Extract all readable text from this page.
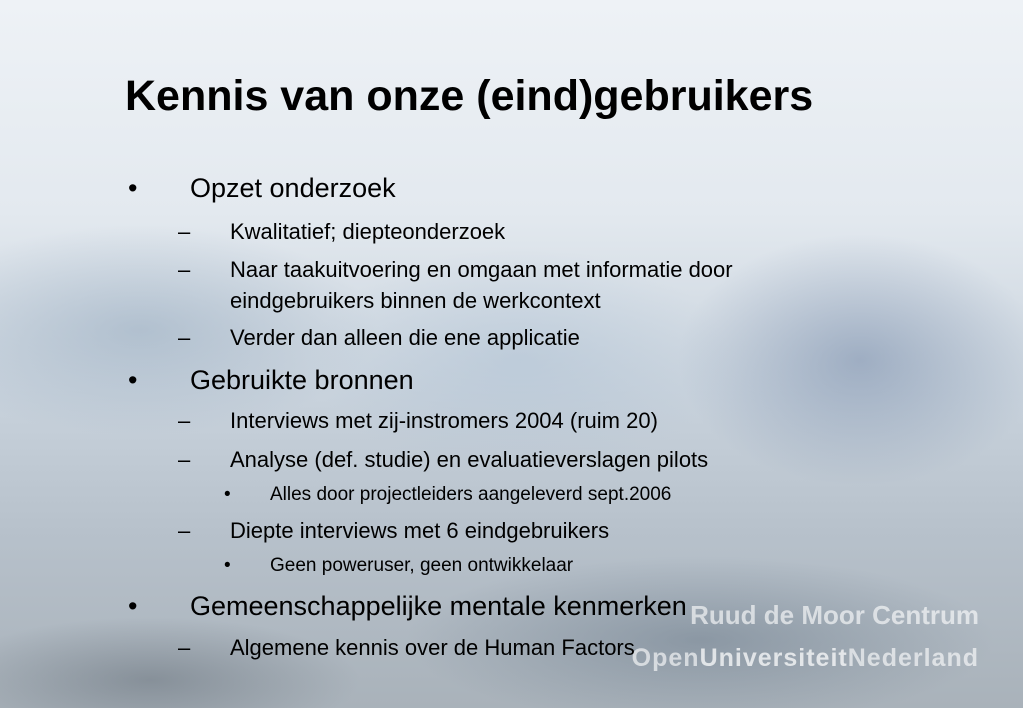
Kennis van onze (eind)gebruikers
• Opzet onderzoek
– Kwalitatief; diepteonderzoek
– Naar taakuitvoering en omgaan met informatie door
eindgebruikers binnen de werkcontext
– Verder dan alleen die ene applicatie
• Gebruikte bronnen
– Interviews met zij-instromers 2004 (ruim 20)
– Analyse (def. studie) en evaluatieverslagen pilots
• Alles door projectleiders aangeleverd sept.2006
– Diepte interviews met 6 eindgebruikers
• Geen poweruser, geen ontwikkelaar
Ruud de Moor Centrum
OpenUniversiteitNederland
• Gemeenschappelijke mentale kenmerken
– Algemene kennis over de Human Factors
